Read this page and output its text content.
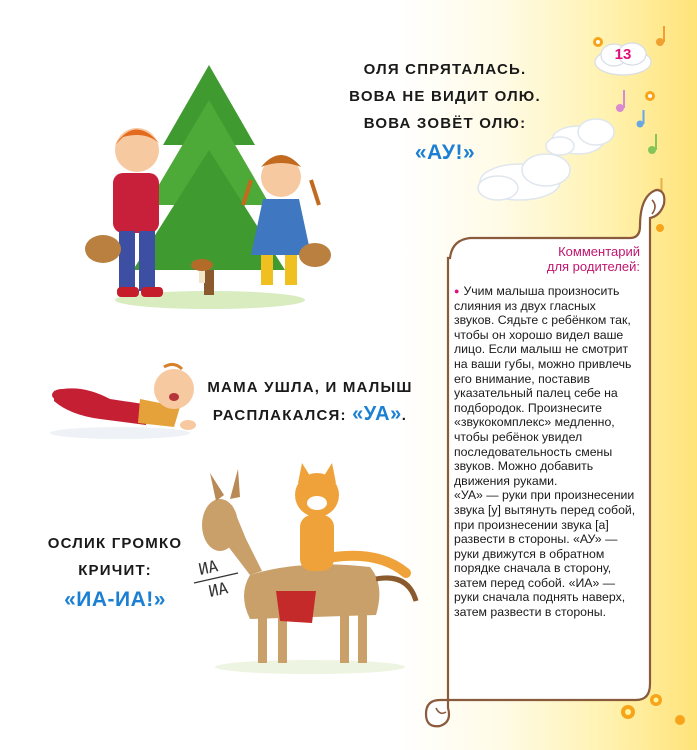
13
ИА
ИА
ОЛЯ СПРЯТАЛАСЬ.
ВОВА НЕ ВИДИТ ОЛЮ.
ВОВА ЗОВЁТ ОЛЮ:
«АУ!»
МАМА УШЛА, И МАЛЫШ
РАСПЛАКАЛСЯ: «УА».
ОСЛИК ГРОМКО
КРИЧИТ:
«ИА-ИА!»
Комментарий
для родителей:

● Учим малыша произносить слияния из двух гласных звуков. Сядьте с ребёнком так, чтобы он хорошо видел ваше лицо. Если малыш не смотрит на ваши губы, можно привлечь его внимание, поставив указательный палец себе на подбородок. Произнесите «звукокомплекс» медленно, чтобы ребёнок увидел последовательность смены звуков. Можно добавить движения руками.

«УА» — руки при произнесении звука [у] вытянуть перед собой, при произнесении звука [а] развести в стороны. «АУ» — руки движутся в обратном порядке сначала в сторону, затем перед собой. «ИА» — руки сначала поднять наверх, затем развести в стороны.
